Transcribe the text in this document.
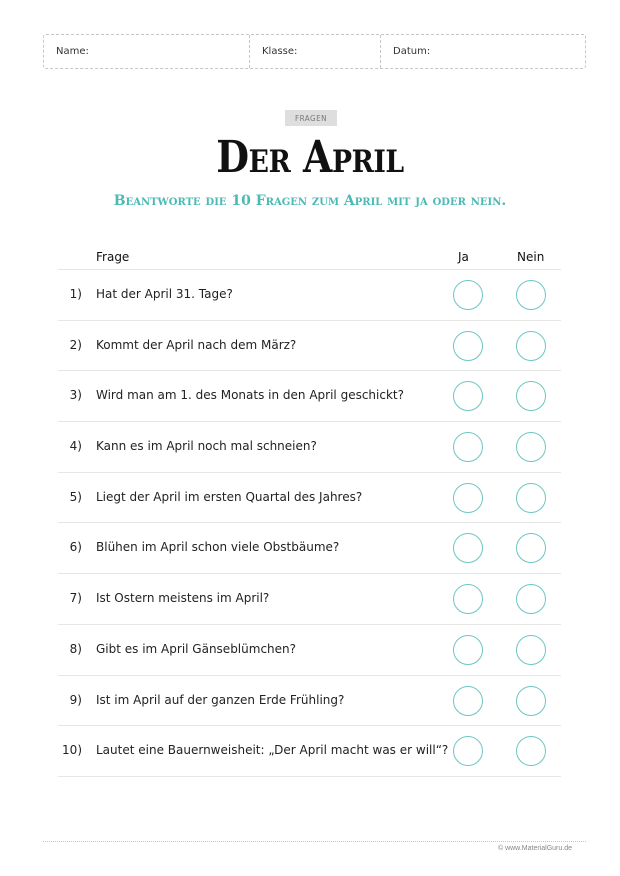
Name:	Klasse:	Datum:
FRAGEN
Der April
Beantworte die 10 Fragen zum April mit ja oder nein.
Frage	Ja	Nein
1) Hat der April 31. Tage?
2) Kommt der April nach dem März?
3) Wird man am 1. des Monats in den April geschickt?
4) Kann es im April noch mal schneien?
5) Liegt der April im ersten Quartal des Jahres?
6) Blühen im April schon viele Obstbäume?
7) Ist Ostern meistens im April?
8) Gibt es im April Gänseblümchen?
9) Ist im April auf der ganzen Erde Frühling?
10) Lautet eine Bauernweisheit: „Der April macht was er will“?
© www.MaterialGuru.de
